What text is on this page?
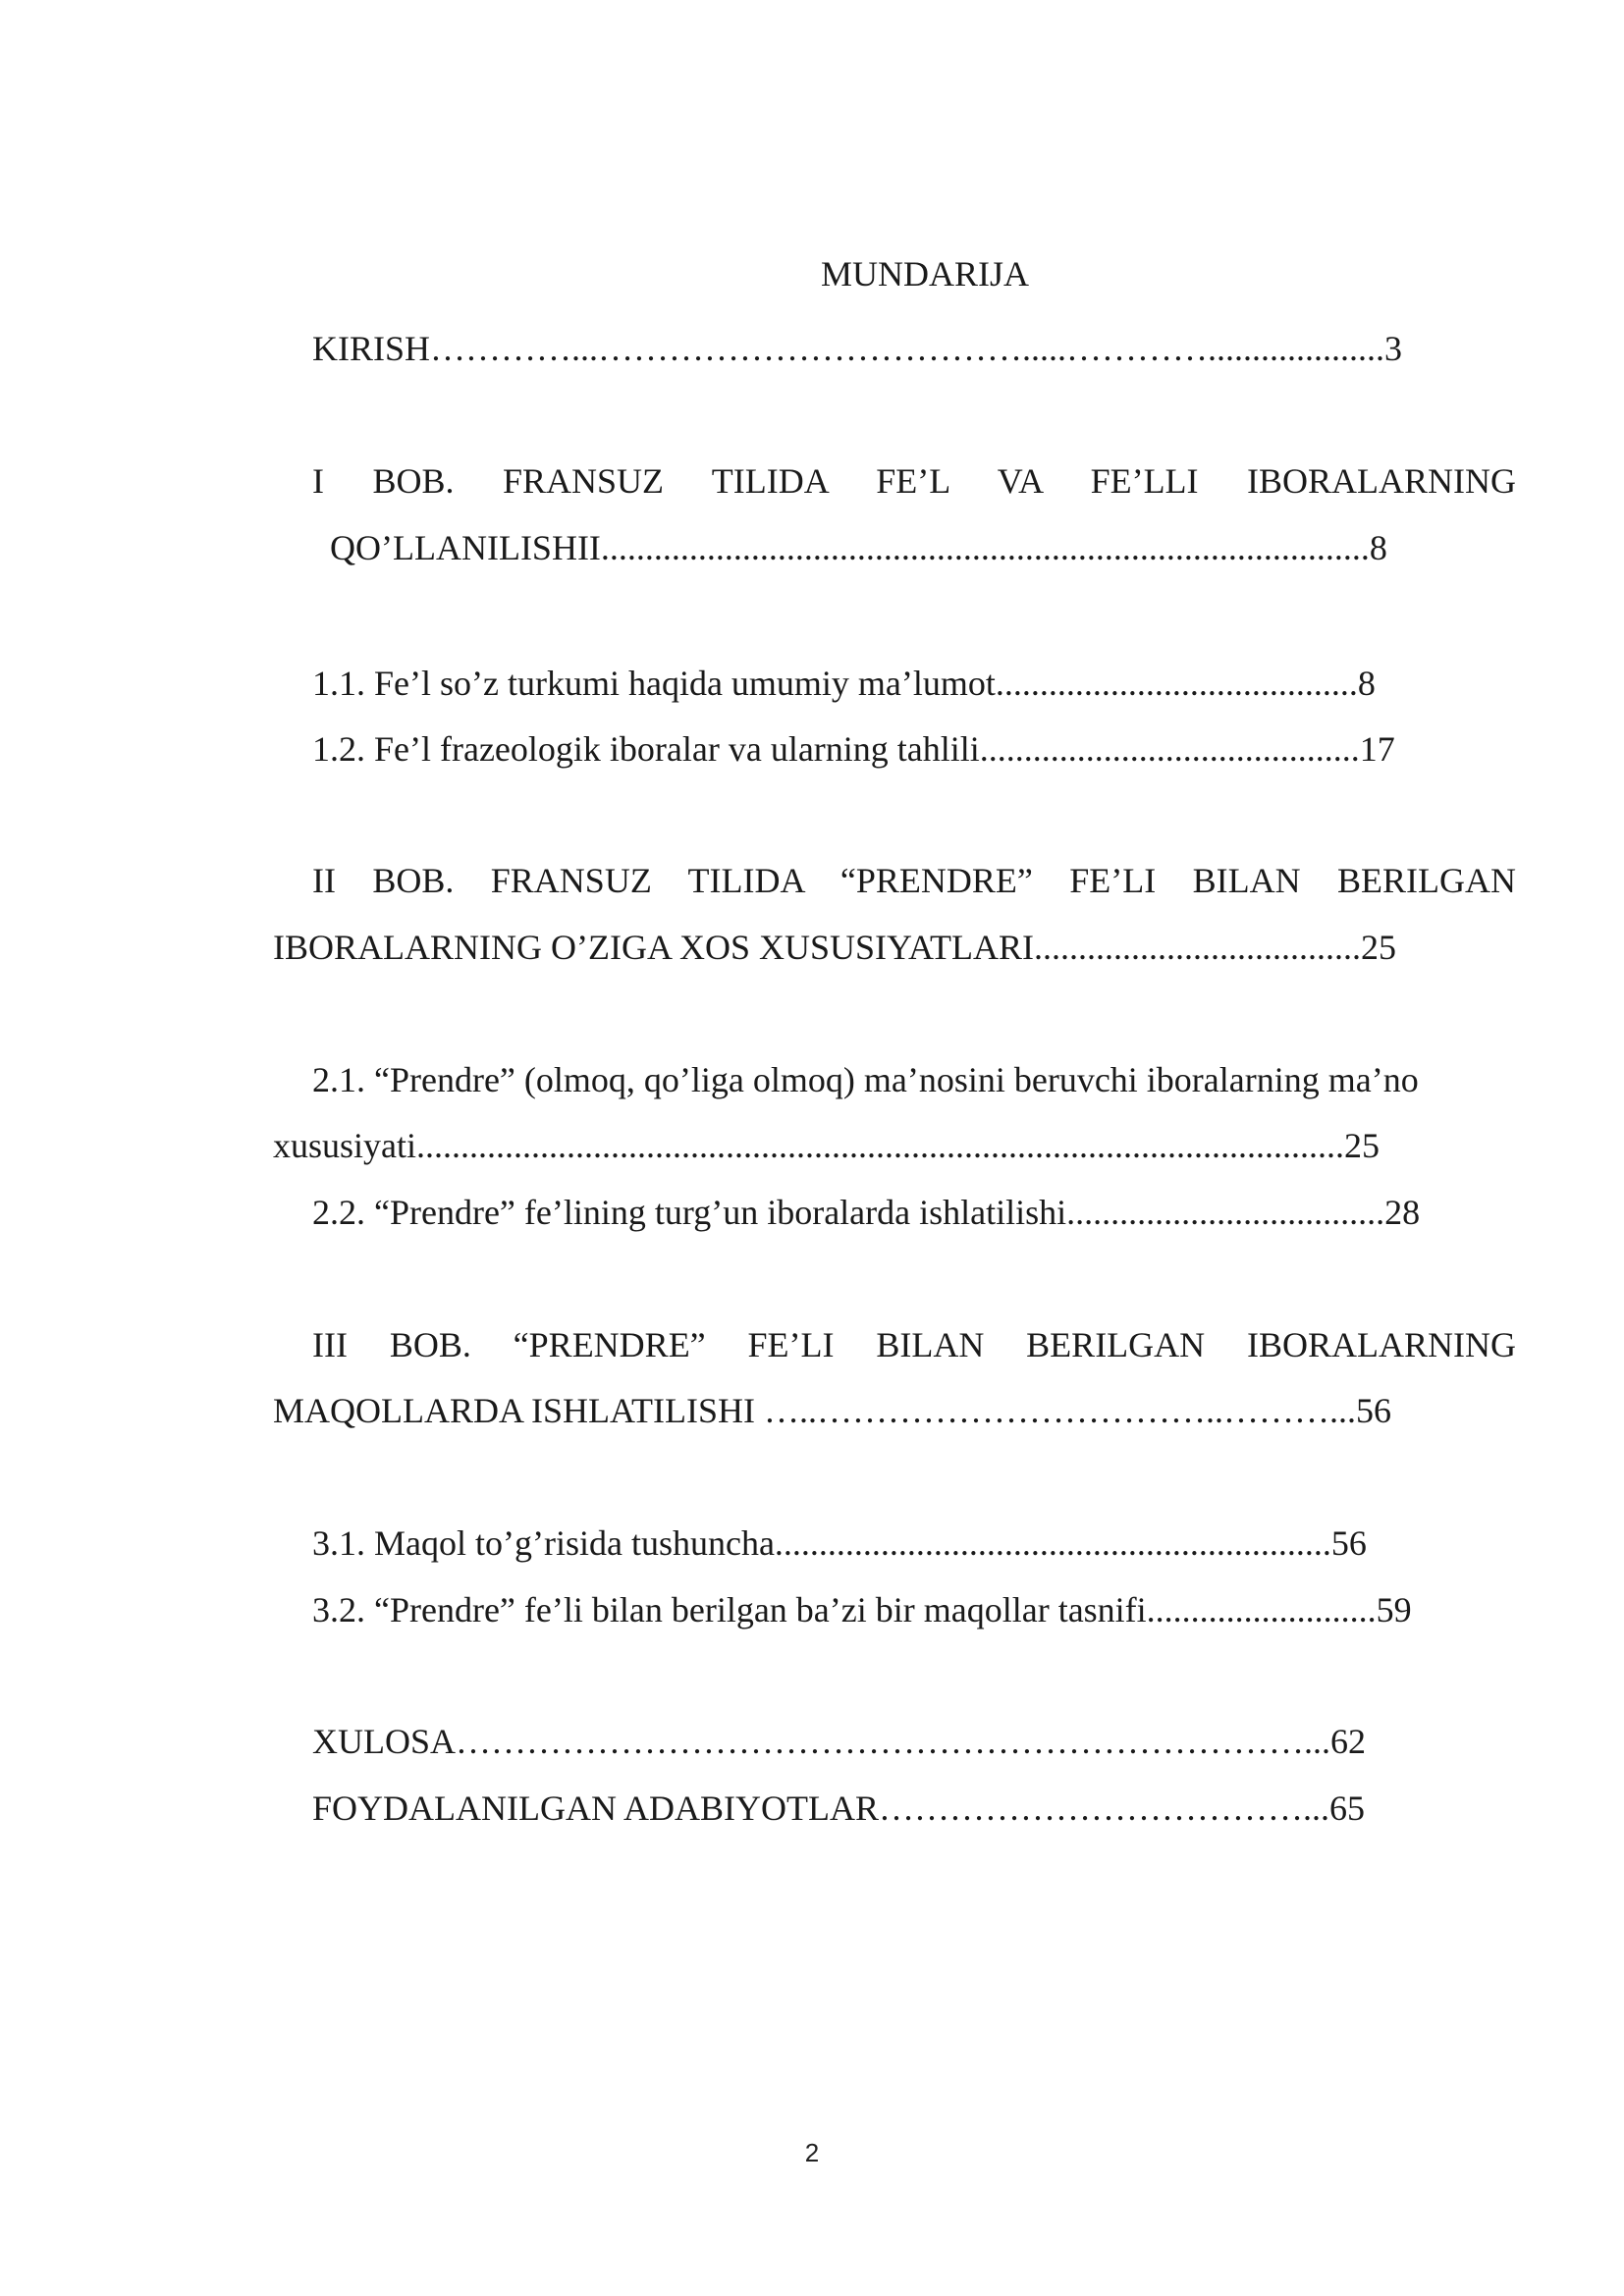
MUNDARIJA
KIRISH…………...……………………………….....…………....................3
I BOB. FRANSUZ TILIDA FE’L VA FE’LLI IBORALARNING
QO’LLANILISHII.......................................................................................8
1.1. Fe’l so’z turkumi haqida umumiy ma’lumot.........................................8
1.2. Fe’l frazeologik iboralar va ularning tahlili...........................................17
II BOB. FRANSUZ TILIDA “PRENDRE” FE’LI BILAN BERILGAN
IBORALARNING O’ZIGA XOS XUSUSIYATLARI.....................................25
2.1. “Prendre” (olmoq, qo’liga olmoq) ma’nosini beruvchi iboralarning ma’no
xususiyati.........................................................................................................25
2.2. “Prendre” fe’lining turg’un iboralarda ishlatilishi....................................28
III BOB. “PRENDRE” FE’LI BILAN BERILGAN IBORALARNING
MAQOLLARDA ISHLATILISHI …..……………………………..………...56
3.1. Maqol to’g’risida tushuncha...............................................................56
3.2. “Prendre” fe’li bilan berilgan ba’zi bir maqollar tasnifi..........................59
XULOSA………………………………………………………………...62
FOYDALANILGAN ADABIYOTLAR………………………………...65
2
